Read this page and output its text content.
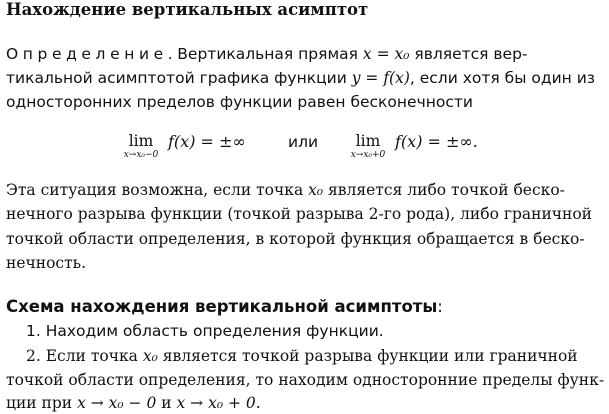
Нахождение вертикальных асимптот
Определение.Вертикальная прямая x = x₀ является вер-
тикальной асимптотой графика функции y = f(x), если хотя бы один из
односторонних пределов функции равен бесконечности
lim
x→x₀−0
f(x) = ±∞	или	lim
x→x₀+0
f(x) = ±∞.
Эта ситуация возможна, если точка x₀ является либо точкой беско-
нечного разрыва функции (точкой разрыва 2-го рода), либо граничной
точкой области определения, в которой функция обращается в беско-
нечность.
Схема нахождения вертикальной асимптоты:
1. Находим область определения функции.
2. Если точка x₀ является точкой разрыва функции или граничной
точкой области определения, то находим односторонние пределы функ-
ции при x → x₀ − 0 и x → x₀ + 0.
